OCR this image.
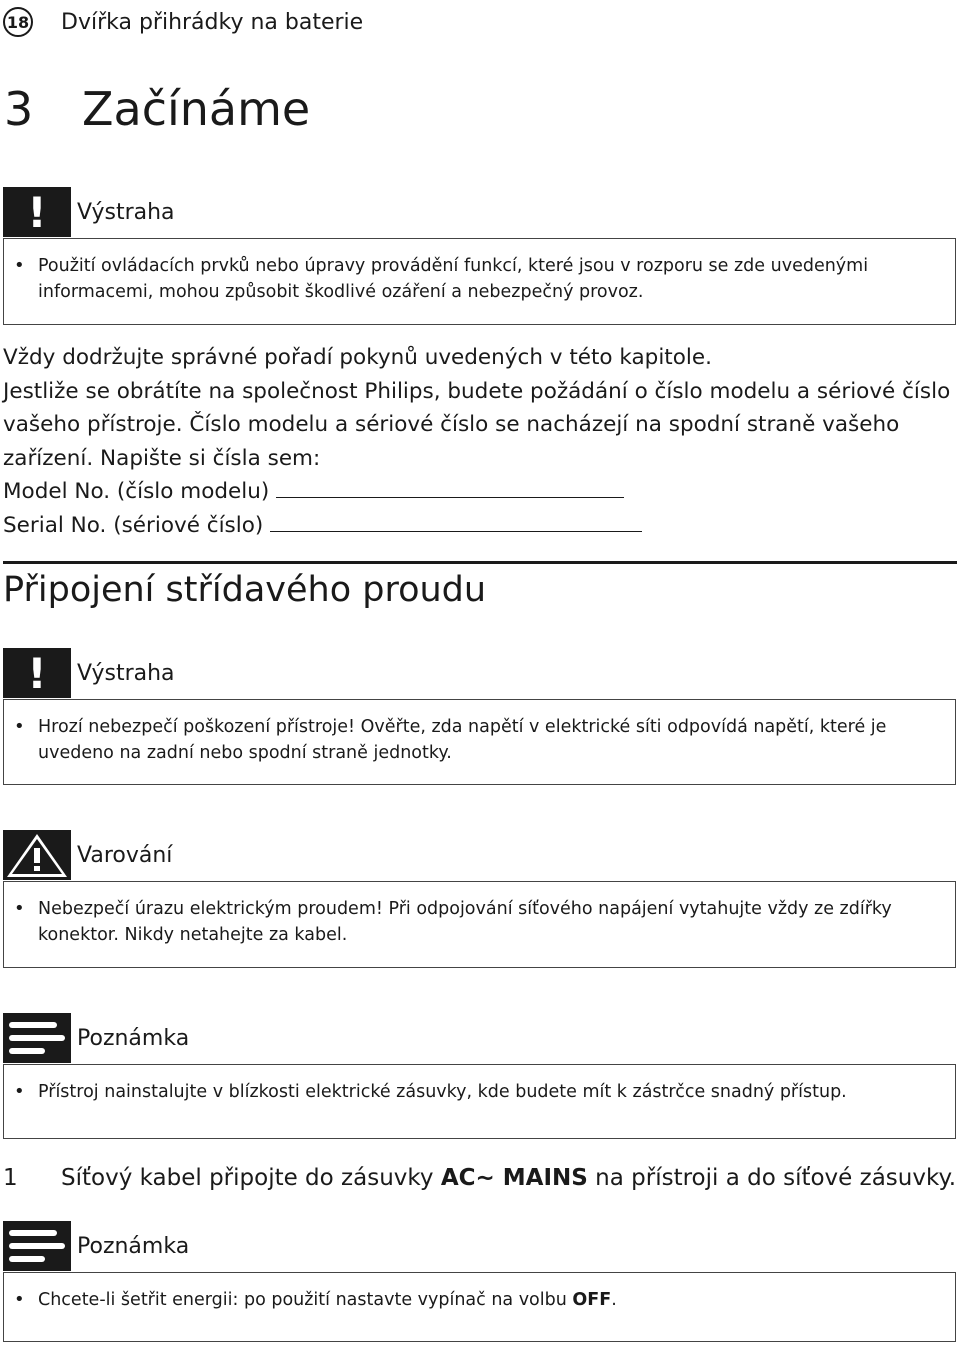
18 Dvířka přihrádky na baterie
3 Začínáme
!	Výstraha
• Použití ovládacích prvků nebo úpravy provádění funkcí, které jsou v rozporu se zde uvedenými informacemi, mohou způsobit škodlivé ozáření a nebezpečný provoz.
Vždy dodržujte správné pořadí pokynů uvedených v této kapitole.
Jestliže se obrátíte na společnost Philips, budete požádání o číslo modelu a sériové číslo vašeho přístroje. Číslo modelu a sériové číslo se nacházejí na spodní straně vašeho zařízení. Napište si čísla sem:
Model No. (číslo modelu)
Serial No. (sériové číslo)
Připojení střídavého proudu
!	Výstraha
• Hrozí nebezpečí poškození přístroje! Ověřte, zda napětí v elektrické síti odpovídá napětí, které je uvedeno na zadní nebo spodní straně jednotky.
Varování
• Nebezpečí úrazu elektrickým proudem! Při odpojování síťového napájení vytahujte vždy ze zdířky konektor. Nikdy netahejte za kabel.
Poznámka
• Přístroj nainstalujte v blízkosti elektrické zásuvky, kde budete mít k zástrčce snadný přístup.
1 Síťový kabel připojte do zásuvky AC~ MAINS na přístroji a do síťové zásuvky.
Poznámka
• Chcete-li šetřit energii: po použití nastavte vypínač na volbu OFF.
